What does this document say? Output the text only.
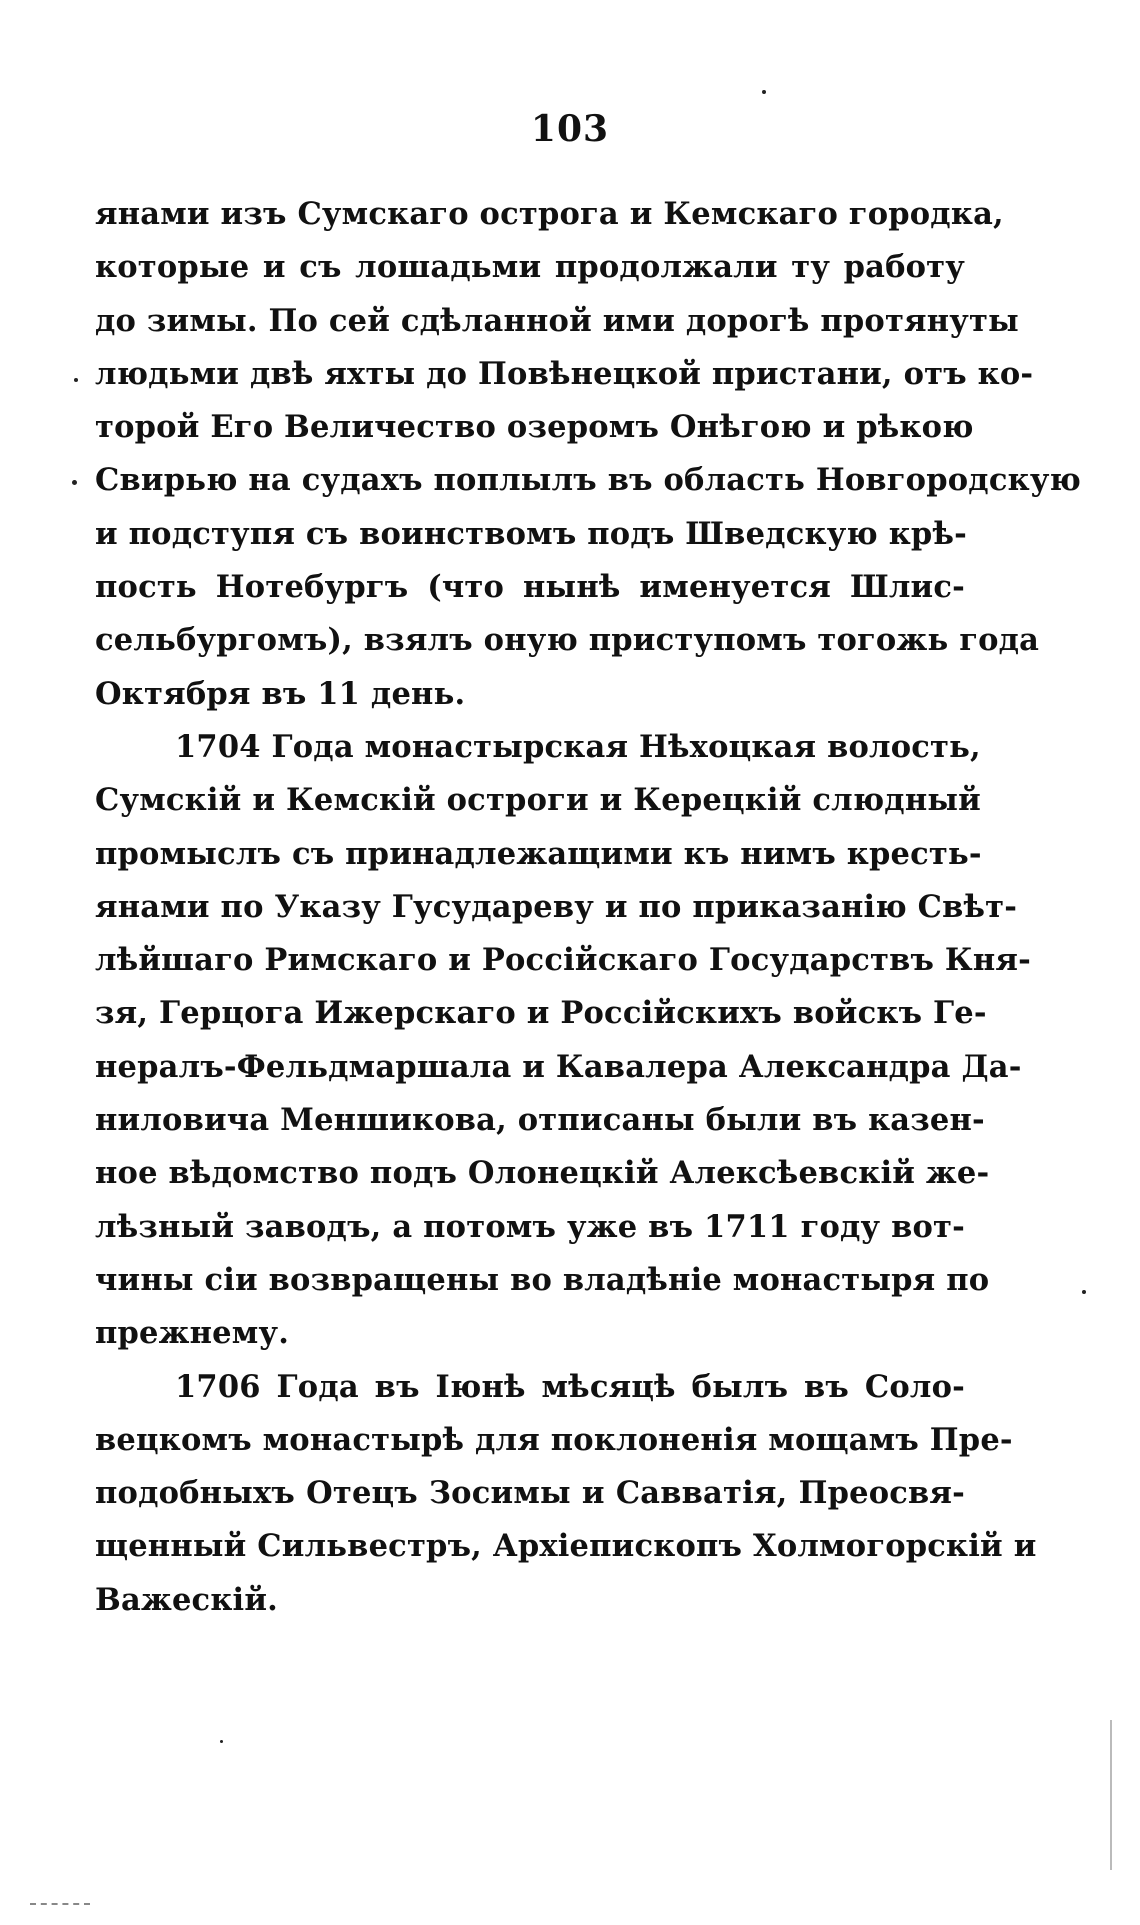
103
янами изъ Сумскаго острога и Кемскаго городка,
которые и съ лошадьми продолжали ту работу
до зимы. По сей сдѣланной ими дорогѣ протянуты
людьми двѣ яхты до Повѣнецкой пристани, отъ ко-
торой Его Величество озеромъ Онѣгою и рѣкою
Свирью на судахъ поплылъ въ область Новгородскую
и подступя съ воинствомъ подъ Шведскую крѣ-
пость Нотебургъ (что нынѣ именуется Шлис-
сельбургомъ), взялъ оную приступомъ тогожь года
Октября въ 11 день.
1704 Года монастырская Нѣхоцкая волость,
Сумскій и Кемскій остроги и Керецкій слюдный
промыслъ съ принадлежащими къ нимъ кресть-
янами по Указу Гусудареву и по приказанію Свѣт-
лѣйшаго Римскаго и Россійскаго Государствъ Кня-
зя, Герцога Ижерскаго и Россійскихъ войскъ Ге-
нералъ-Фельдмаршала и Кавалера Александра Да-
ниловича Меншикова, отписаны были въ казен-
ное вѣдомство подъ Олонецкій Алексѣевскій же-
лѣзный заводъ, а потомъ уже въ 1711 году вот-
чины сіи возвращены во владѣніе монастыря по
прежнему.
1706 Года въ Іюнѣ мѣсяцѣ былъ въ Соло-
вецкомъ монастырѣ для поклоненія мощамъ Пре-
подобныхъ Отецъ Зосимы и Савватія, Преосвя-
щенный Сильвестръ, Архіепископъ Холмогорскій и
Важескій.
